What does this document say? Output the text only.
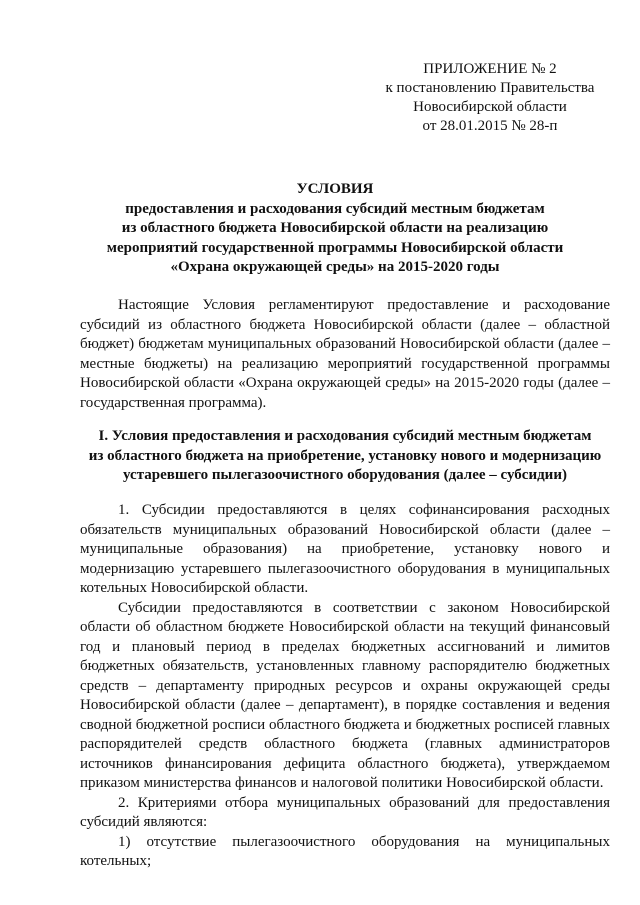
ПРИЛОЖЕНИЕ № 2
к постановлению Правительства
Новосибирской области
от 28.01.2015 № 28-п
УСЛОВИЯ
предоставления и расходования субсидий местным бюджетам
из областного бюджета Новосибирской области на реализацию
мероприятий государственной программы Новосибирской области
«Охрана окружающей среды» на 2015-2020 годы

Настоящие Условия регламентируют предоставление и расходование субсидий из областного бюджета Новосибирской области (далее – областной бюджет) бюджетам муниципальных образований Новосибирской области (далее – местные бюджеты) на реализацию мероприятий государственной программы Новосибирской области «Охрана окружающей среды» на 2015-2020 годы (далее – государственная программа).

I. Условия предоставления и расходования субсидий местным бюджетам
из областного бюджета на приобретение, установку нового и модернизацию
устаревшего пылегазоочистного оборудования (далее – субсидии)

1. Субсидии предоставляются в целях софинансирования расходных обязательств муниципальных образований Новосибирской области (далее – муниципальные образования) на приобретение, установку нового и модернизацию устаревшего пылегазоочистного оборудования в муниципальных котельных Новосибирской области.

Субсидии предоставляются в соответствии с законом Новосибирской области об областном бюджете Новосибирской области на текущий финансовый год и плановый период в пределах бюджетных ассигнований и лимитов бюджетных обязательств, установленных главному распорядителю бюджетных средств – департаменту природных ресурсов и охраны окружающей среды Новосибирской области (далее – департамент), в порядке составления и ведения сводной бюджетной росписи областного бюджета и бюджетных росписей главных распорядителей средств областного бюджета (главных администраторов источников финансирования дефицита областного бюджета), утверждаемом приказом министерства финансов и налоговой политики Новосибирской области.

2. Критериями отбора муниципальных образований для предоставления субсидий являются:

1) отсутствие пылегазоочистного оборудования на муниципальных котельных;
